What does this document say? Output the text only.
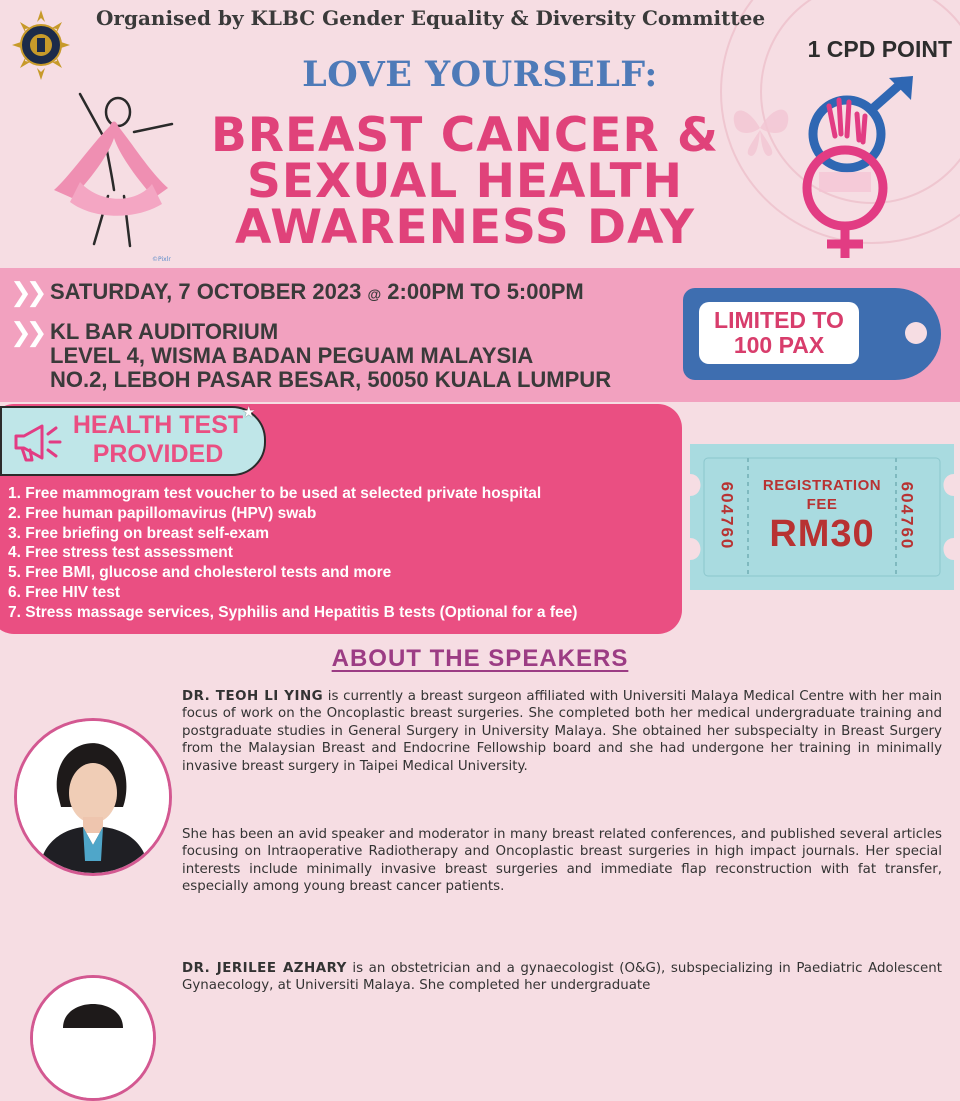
Organised by KLBC Gender Equality & Diversity Committee
1 CPD POINT
LOVE YOURSELF:
BREAST CANCER &
SEXUAL HEALTH
AWARENESS DAY
©Pixlr
❯❯ SATURDAY, 7 OCTOBER 2023 @ 2:00PM TO 5:00PM
❯❯ KL BAR AUDITORIUM
LEVEL 4, WISMA BADAN PEGUAM MALAYSIA
NO.2, LEBOH PASAR BESAR, 50050 KUALA LUMPUR
LIMITED TO
100 PAX
HEALTH TEST
PROVIDED
★
1. Free mammogram test voucher to be used at selected private hospital
2. Free human papillomavirus (HPV) swab
3. Free briefing on breast self-exam
4. Free stress test assessment
5. Free BMI, glucose and cholesterol tests and more
6. Free HIV test
7. Stress massage services, Syphilis and Hepatitis B tests (Optional for a fee)
604760	604760
REGISTRATION
FEE
RM30
ABOUT THE SPEAKERS

DR. TEOH LI YING is currently a breast surgeon affiliated with Universiti Malaya Medical Centre with her main focus of work on the Oncoplastic breast surgeries. She completed both her medical undergraduate training and postgraduate studies in General Surgery in University Malaya. She obtained her subspecialty in Breast Surgery from the Malaysian Breast and Endocrine Fellowship board and she had undergone her training in minimally invasive breast surgery in Taipei Medical University.

She has been an avid speaker and moderator in many breast related conferences, and published several articles focusing on Intraoperative Radiotherapy and Oncoplastic breast surgeries in high impact journals. Her special interests include minimally invasive breast surgeries and immediate flap reconstruction with fat transfer, especially among young breast cancer patients.

DR. JERILEE AZHARY is an obstetrician and a gynaecologist (O&G), subspecializing in Paediatric Adolescent Gynaecology, at Universiti Malaya. She completed her undergraduate
